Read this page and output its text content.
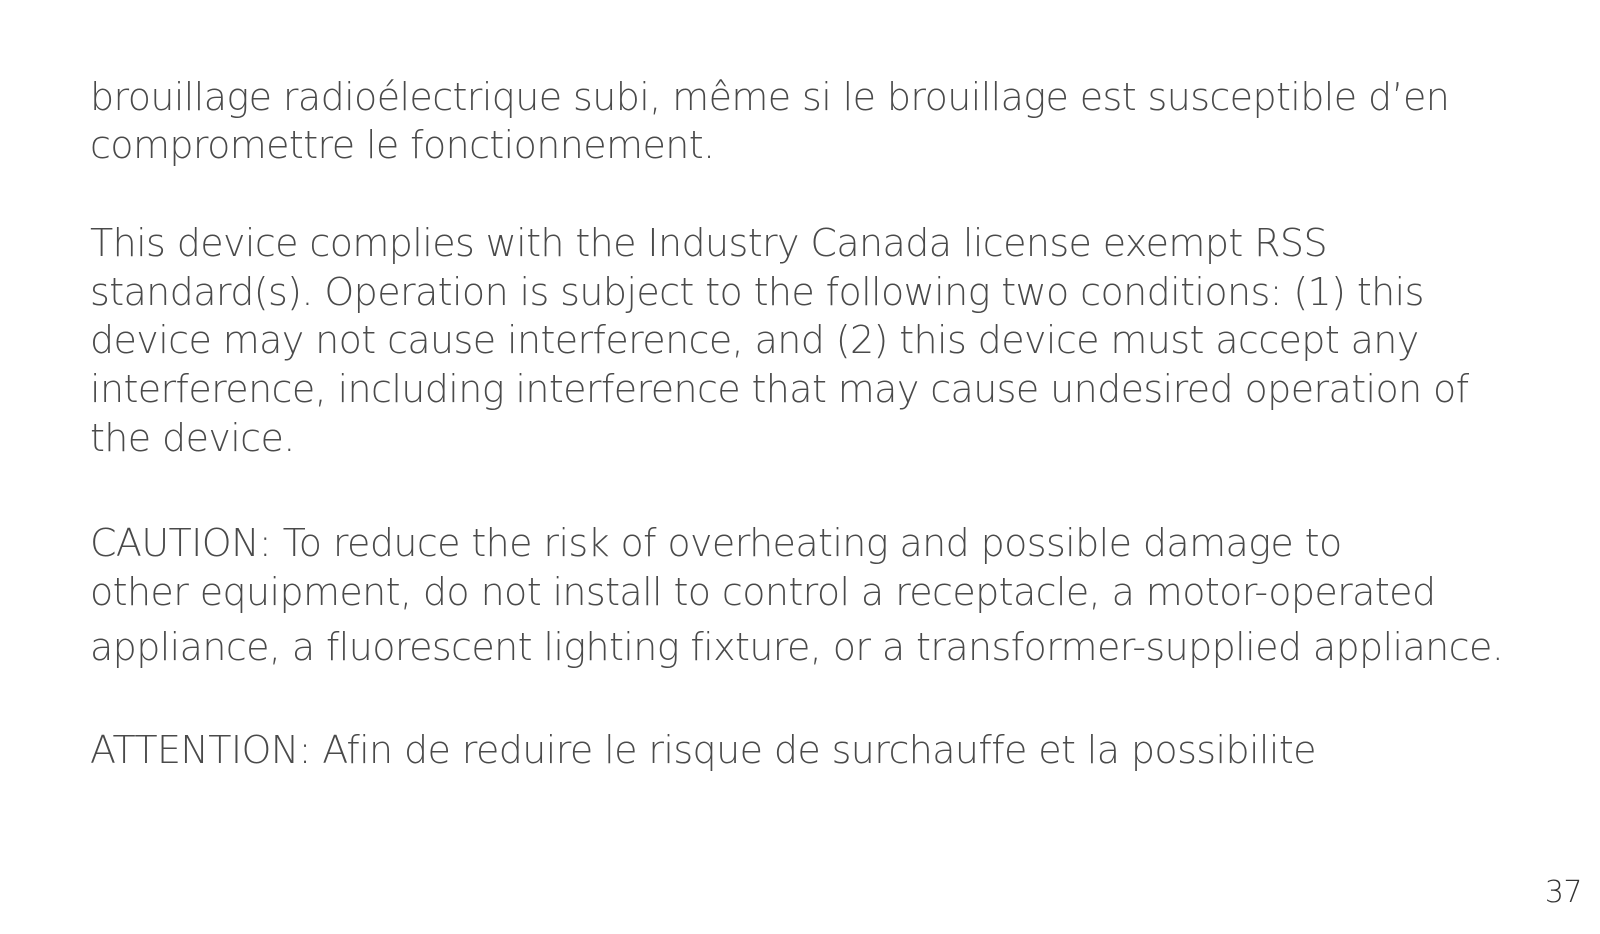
brouillage radioélectrique subi, même si le brouillage est susceptible d’en

compromettre le fonctionnement.

This device complies with the Industry Canada license exempt RSS

standard(s). Operation is subject to the following two conditions: (1) this

device may not cause interference, and (2) this device must accept any

interference, including interference that may cause undesired operation of

the device.

CAUTION: To reduce the risk of overheating and possible damage to

other equipment, do not install to control a receptacle, a motor-operated

appliance, a fluorescent lighting fixture, or a transformer-supplied appliance.

ATTENTION: Afin de reduire le risque de surchauffe et la possibilite

37
